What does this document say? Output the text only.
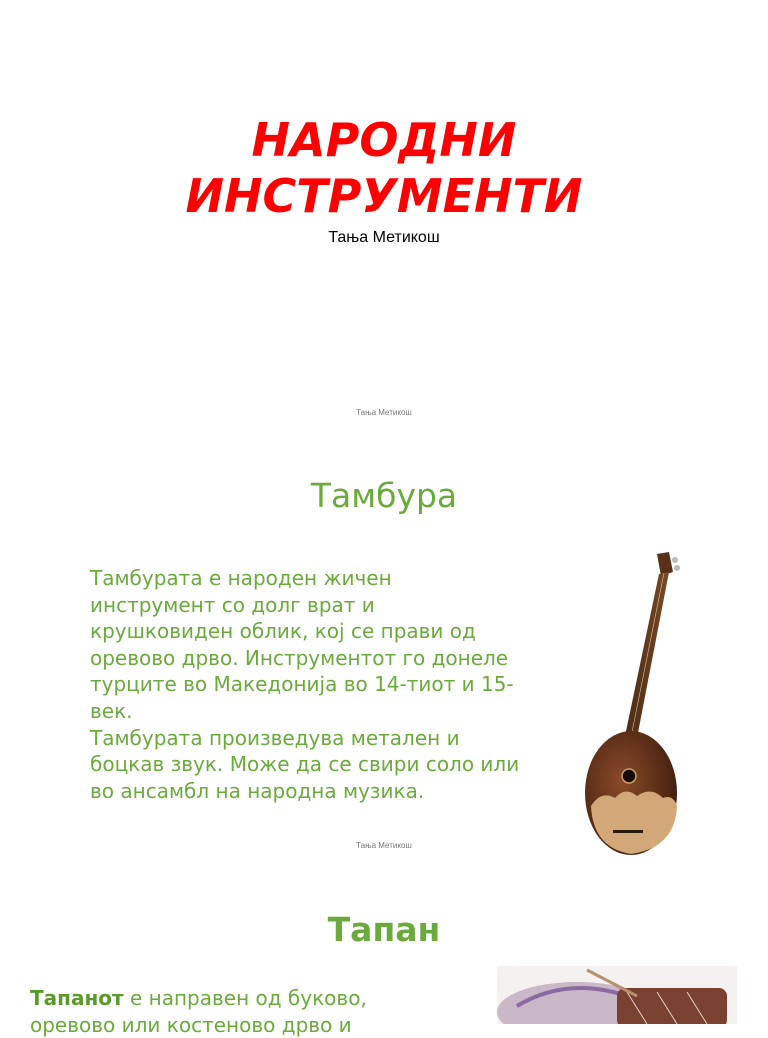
НАРОДНИ
ИНСТРУМЕНТИ
Тања Метикош
Тања Метикош
Тамбура
Тамбурата е народен жичен
инструмент со долг врат и
крушковиден облик, кој се прави од
оревово дрво. Инструментот го донеле
турците во Македонија во 14-тиот и 15-
век.
Тамбурата произведува метален и
боцкав звук. Може да се свири соло или
во ансамбл на народна музика.
Тања Метикош
Тапан
Тапанот е направен од буково,
оревово или костеново дрво и
